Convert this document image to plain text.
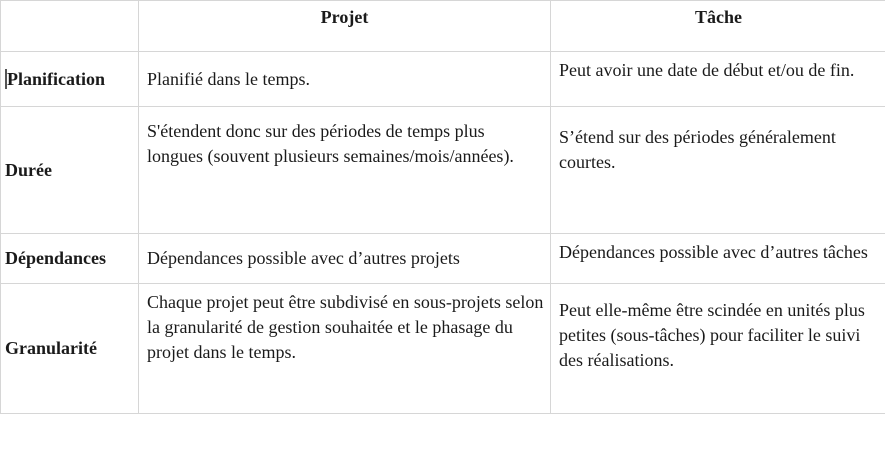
	Projet	Tâche
Planification	Planifié dans le temps.	Peut avoir une date de début et/ou de fin.
Durée	S'étendent donc sur des périodes de temps plus longues (souvent plusieurs semaines/mois/années).	S’étend sur des périodes généralement courtes.
Dépendances	Dépendances possible avec d’autres projets	Dépendances possible avec d’autres tâches
Granularité	Chaque projet peut être subdivisé en sous-projets selon la granularité de gestion souhaitée et le phasage du projet dans le temps.	Peut elle-même être scindée en unités plus petites (sous-tâches) pour faciliter le suivi des réalisations.
